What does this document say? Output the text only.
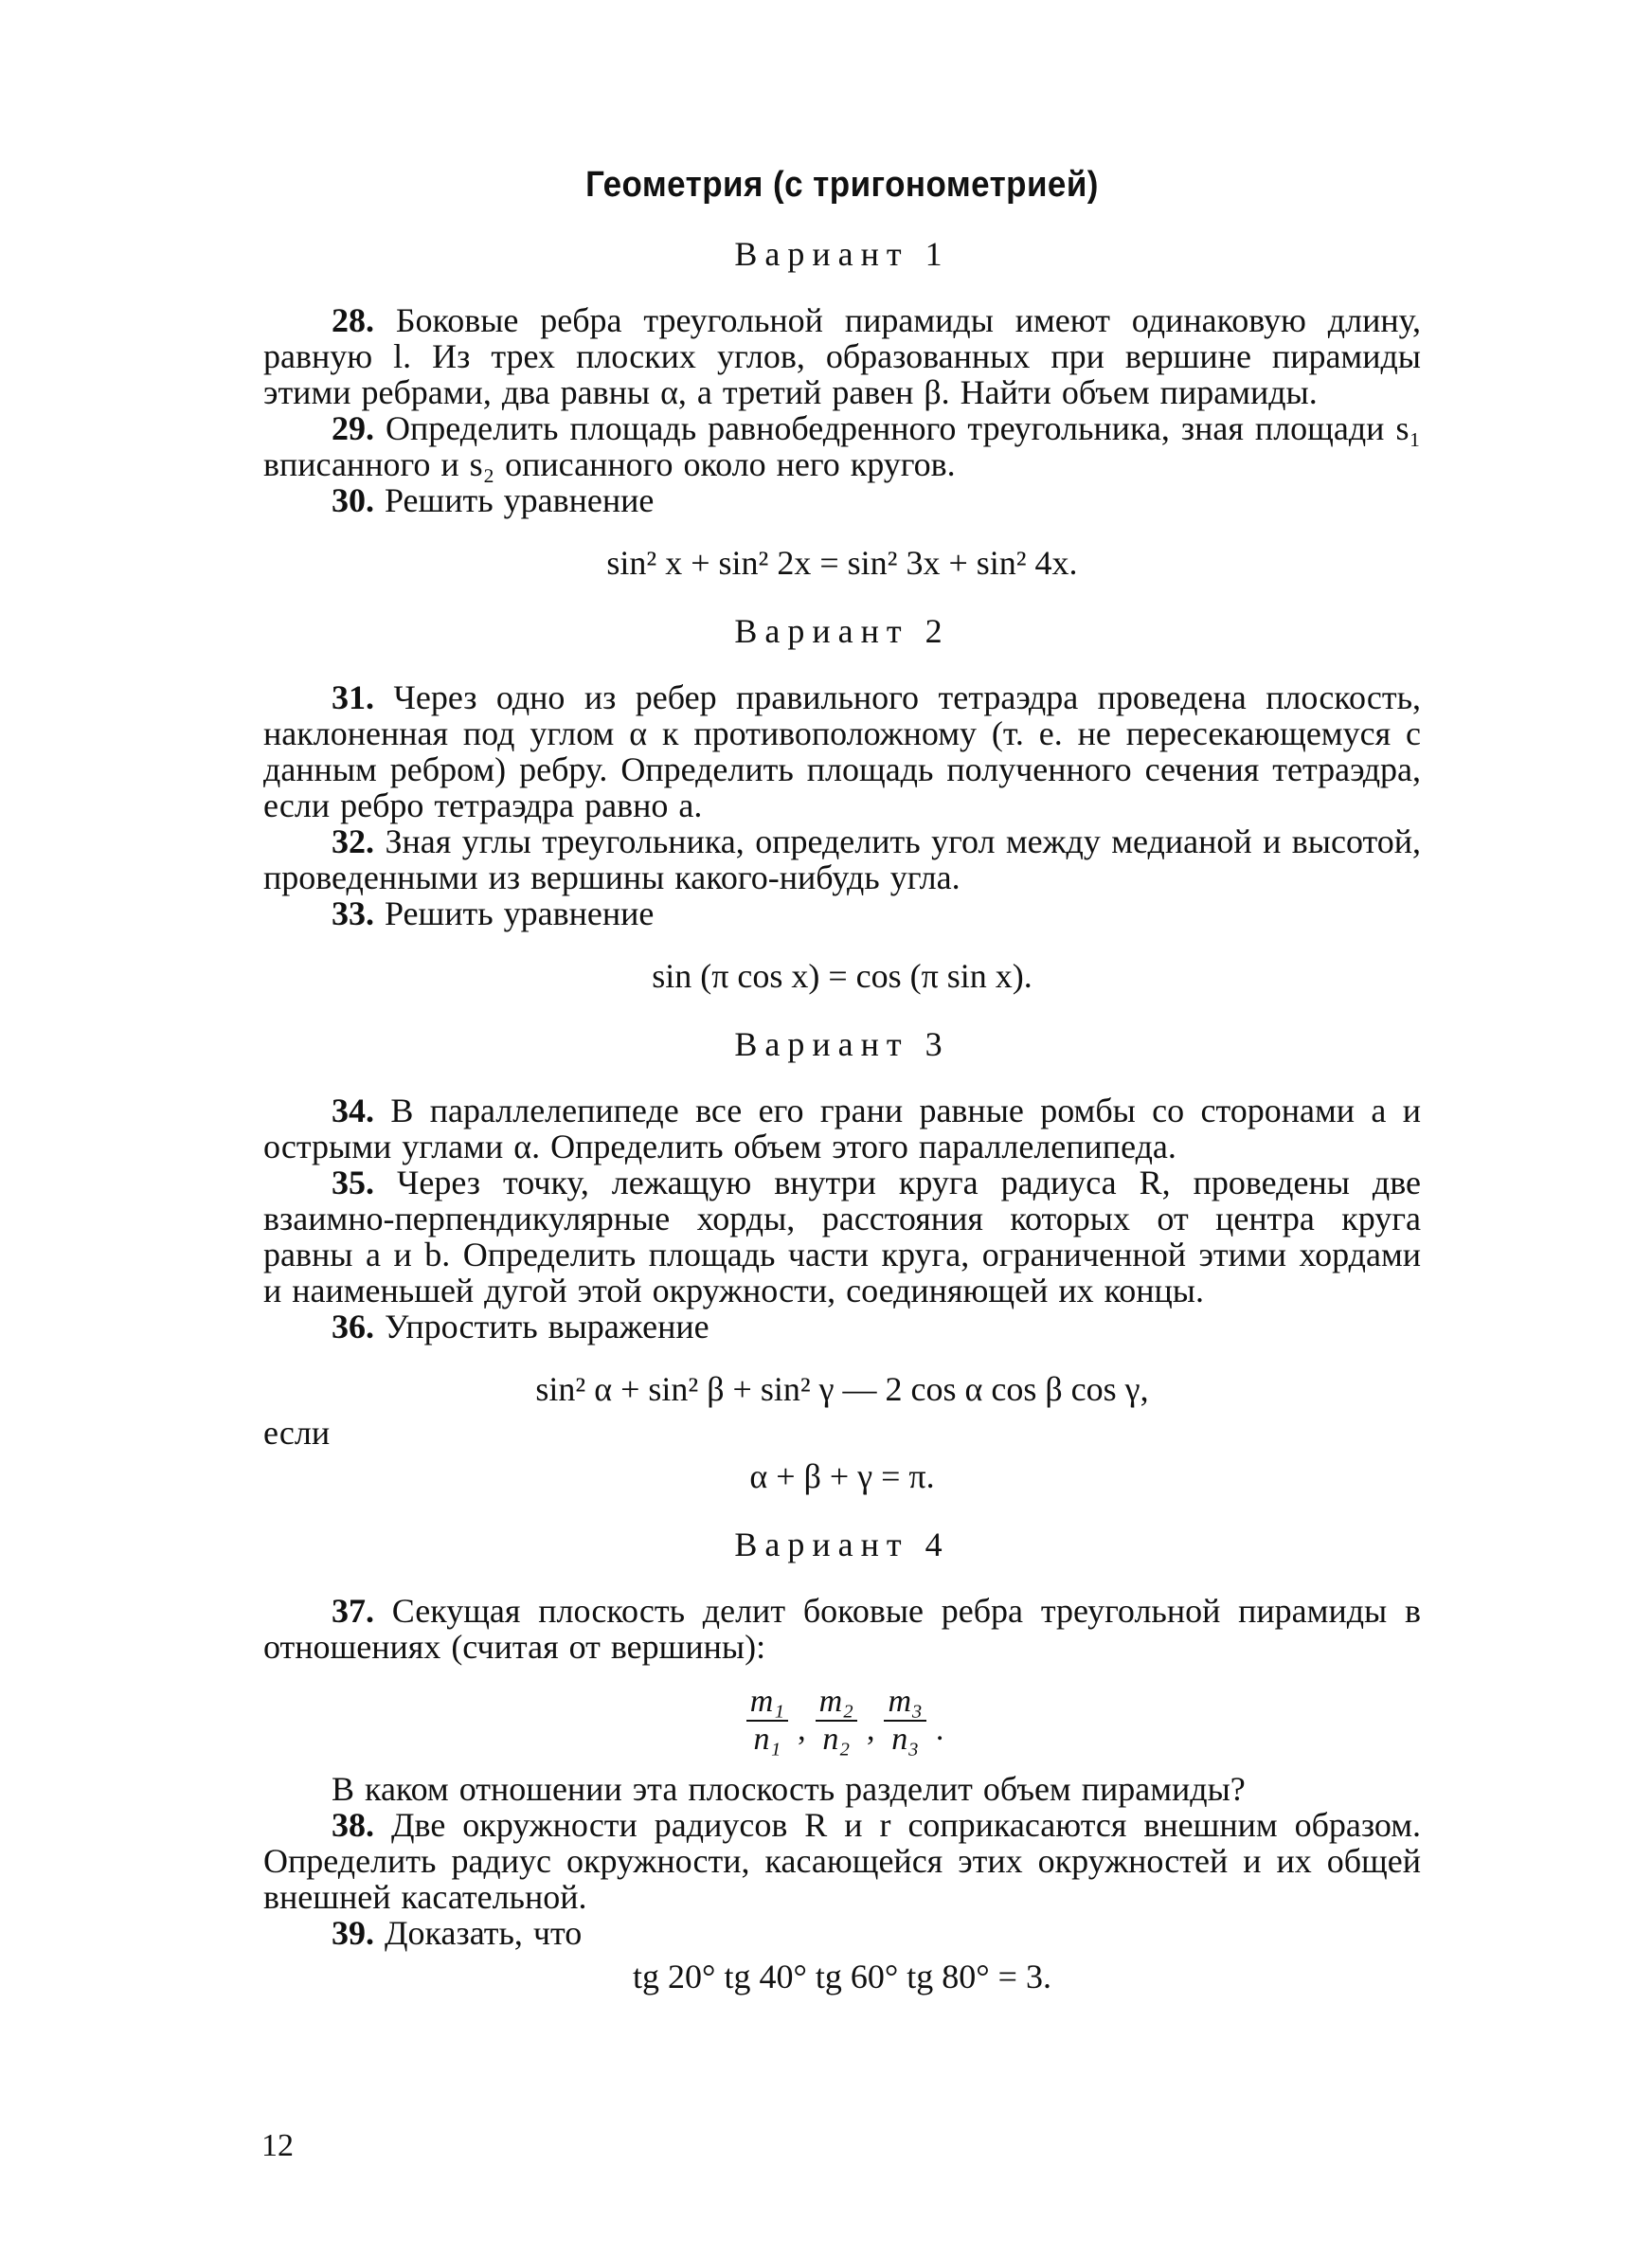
Геометрия (с тригонометрией)
Вариант 1

28. Боковые ребра треугольной пирамиды имеют одинаковую длину, равную l. Из трех плоских углов, образованных при вершине пирамиды этими ребрами, два равны α, а третий равен β. Найти объем пирамиды.

29. Определить площадь равнобедренного треугольника, зная площади s₁ вписанного и s₂ описанного около него кругов.

30. Решить уравнение

sin² x + sin² 2x = sin² 3x + sin² 4x.
Вариант 2

31. Через одно из ребер правильного тетраэдра проведена плоскость, наклоненная под углом α к противоположному (т. е. не пересекающемуся с данным ребром) ребру. Определить площадь полученного сечения тетраэдра, если ребро тетраэдра равно a.

32. Зная углы треугольника, определить угол между медианой и высотой, проведенными из вершины какого-нибудь угла.

33. Решить уравнение

sin (π cos x) = cos (π sin x).
Вариант 3

34. В параллелепипеде все его грани равные ромбы со сторонами a и острыми углами α. Определить объем этого параллелепипеда.

35. Через точку, лежащую внутри круга радиуса R, проведены две взаимно-перпендикулярные хорды, расстояния которых от центра круга равны a и b. Определить площадь части круга, ограниченной этими хордами и наименьшей дугой этой окружности, соединяющей их концы.

36. Упростить выражение

sin² α + sin² β + sin² γ — 2 cos α cos β cos γ,

если

α + β + γ = π.
Вариант 4

37. Секущая плоскость делит боковые ребра треугольной пирамиды в отношениях (считая от вершины):

$\frac{\text{m₁}}{\text{n₁}}$ , $\frac{\text{m₂}}{\text{n₂}}$ , $\frac{\text{m₃}}{\text{n₃}}$ .

В каком отношении эта плоскость разделит объем пирамиды?

38. Две окружности радиусов R и r соприкасаются внешним образом. Определить радиус окружности, касающейся этих окружностей и их общей внешней касательной.

39. Доказать, что

tg 20° tg 40° tg 60° tg 80° = 3.
12
